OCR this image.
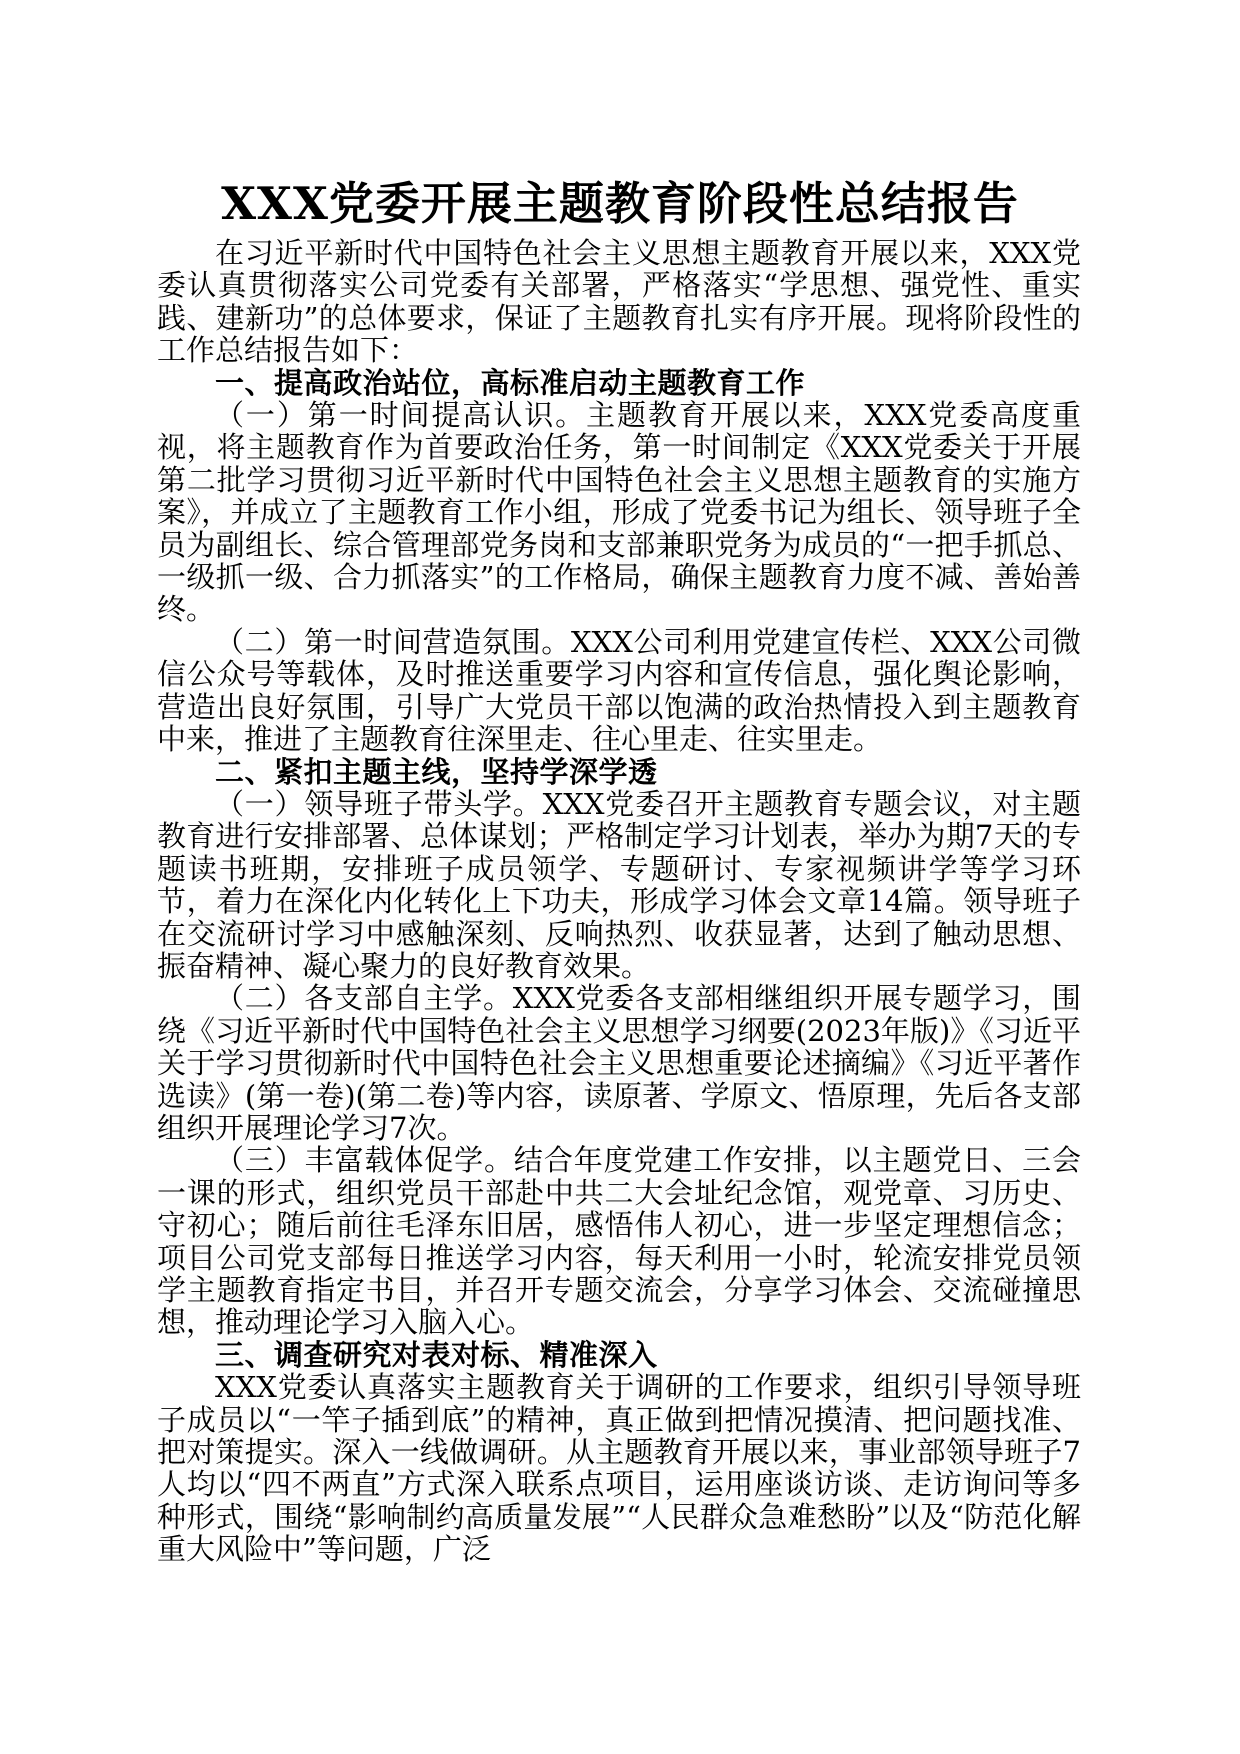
XXX党委开展主题教育阶段性总结报告

在习近平新时代中国特色社会主义思想主题教育开展以来，XXX党委认真贯彻落实公司党委有关部署，严格落实“学思想、强党性、重实践、建新功”的总体要求，保证了主题教育扎实有序开展。现将阶段性的工作总结报告如下：

一、提高政治站位，高标准启动主题教育工作

（一）第一时间提高认识。主题教育开展以来，XXX党委高度重视，将主题教育作为首要政治任务，第一时间制定《XXX党委关于开展第二批学习贯彻习近平新时代中国特色社会主义思想主题教育的实施方案》，并成立了主题教育工作小组，形成了党委书记为组长、领导班子全员为副组长、综合管理部党务岗和支部兼职党务为成员的“一把手抓总、一级抓一级、合力抓落实”的工作格局，确保主题教育力度不减、善始善终。

（二）第一时间营造氛围。XXX公司利用党建宣传栏、XXX公司微信公众号等载体，及时推送重要学习内容和宣传信息，强化舆论影响，营造出良好氛围，引导广大党员干部以饱满的政治热情投入到主题教育中来，推进了主题教育往深里走、往心里走、往实里走。

二、紧扣主题主线，坚持学深学透

（一）领导班子带头学。XXX党委召开主题教育专题会议，对主题教育进行安排部署、总体谋划；严格制定学习计划表，举办为期7天的专题读书班期，安排班子成员领学、专题研讨、专家视频讲学等学习环节，着力在深化内化转化上下功夫，形成学习体会文章14篇。领导班子在交流研讨学习中感触深刻、反响热烈、收获显著，达到了触动思想、振奋精神、凝心聚力的良好教育效果。

（二）各支部自主学。XXX党委各支部相继组织开展专题学习，围绕《习近平新时代中国特色社会主义思想学习纲要(2023年版)》《习近平关于学习贯彻新时代中国特色社会主义思想重要论述摘编》《习近平著作选读》(第一卷)(第二卷)等内容，读原著、学原文、悟原理，先后各支部组织开展理论学习7次。

（三）丰富载体促学。结合年度党建工作安排，以主题党日、三会一课的形式，组织党员干部赴中共二大会址纪念馆，观党章、习历史、守初心；随后前往毛泽东旧居，感悟伟人初心，进一步坚定理想信念；项目公司党支部每日推送学习内容，每天利用一小时，轮流安排党员领学主题教育指定书目，并召开专题交流会，分享学习体会、交流碰撞思想，推动理论学习入脑入心。

三、调查研究对表对标、精准深入

XXX党委认真落实主题教育关于调研的工作要求，组织引导领导班子成员以“一竿子插到底”的精神，真正做到把情况摸清、把问题找准、把对策提实。深入一线做调研。从主题教育开展以来，事业部领导班子7人均以“四不两直”方式深入联系点项目，运用座谈访谈、走访询问等多种形式，围绕“影响制约高质量发展”“人民群众急难愁盼”以及“防范化解重大风险中”等问题，广泛
